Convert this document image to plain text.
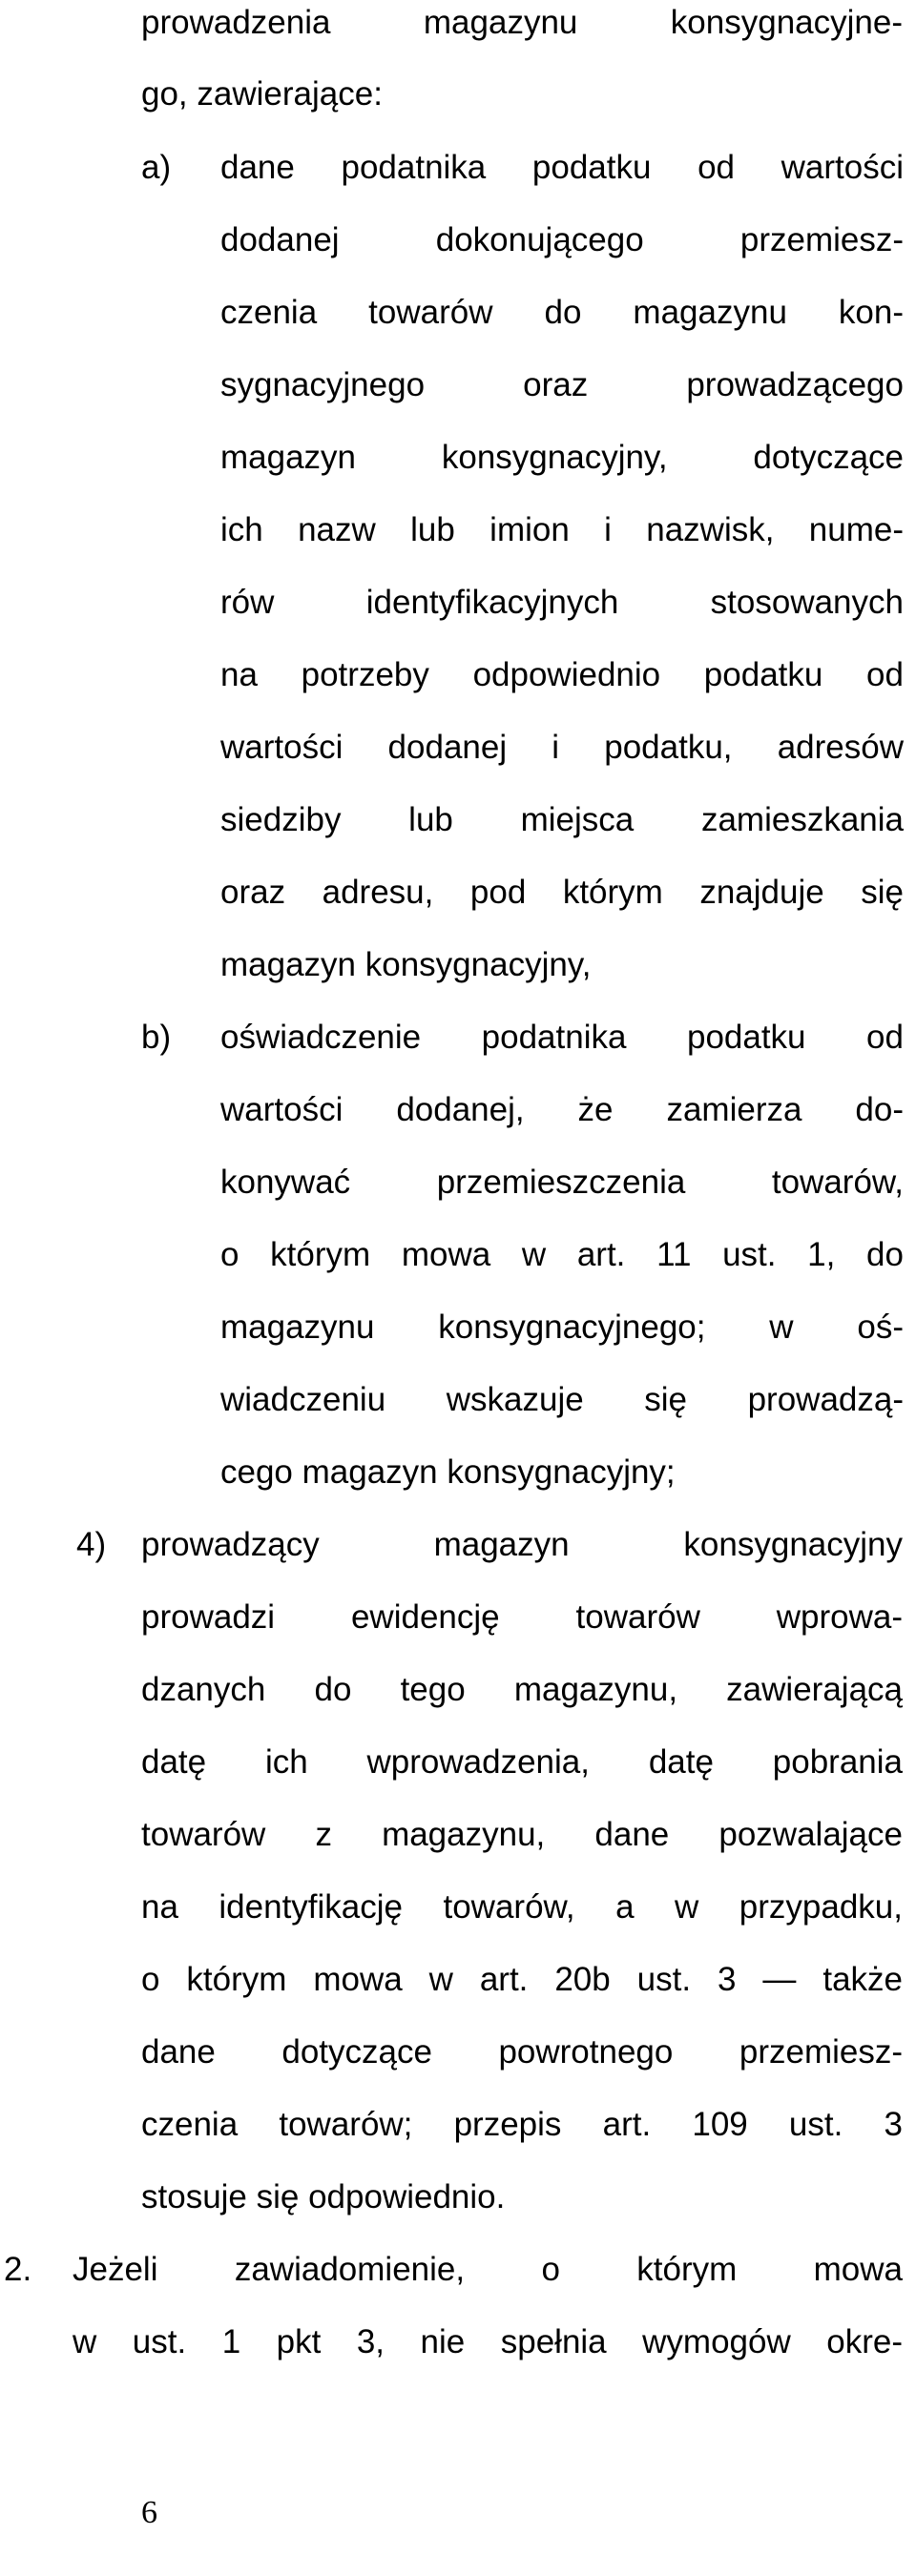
prowadzenia magazynu konsygnacyjne-
go, zawierające:
a) dane podatnika podatku od wartości
dodanej dokonującego przemiesz-
czenia towarów do magazynu kon-
sygnacyjnego oraz prowadzącego
magazyn konsygnacyjny, dotyczące
ich nazw lub imion i nazwisk, nume-
rów identyfikacyjnych stosowanych
na potrzeby odpowiednio podatku od
wartości dodanej i podatku, adresów
siedziby lub miejsca zamieszkania
oraz adresu, pod którym znajduje się
magazyn konsygnacyjny,
b) oświadczenie podatnika podatku od
wartości dodanej, że zamierza do-
konywać przemieszczenia towarów,
o którym mowa w art. 11 ust. 1, do
magazynu konsygnacyjnego; w oś-
wiadczeniu wskazuje się prowadzą-
cego magazyn konsygnacyjny;
4) prowadzący magazyn konsygnacyjny
prowadzi ewidencję towarów wprowa-
dzanych do tego magazynu, zawierającą
datę ich wprowadzenia, datę pobrania
towarów z magazynu, dane pozwalające
na identyfikację towarów, a w przypadku,
o którym mowa w art. 20b ust. 3 — także
dane dotyczące powrotnego przemiesz-
czenia towarów; przepis art. 109 ust. 3
stosuje się odpowiednio.
2. Jeżeli zawiadomienie, o którym mowa
w ust. 1 pkt 3, nie spełnia wymogów okre-
6
